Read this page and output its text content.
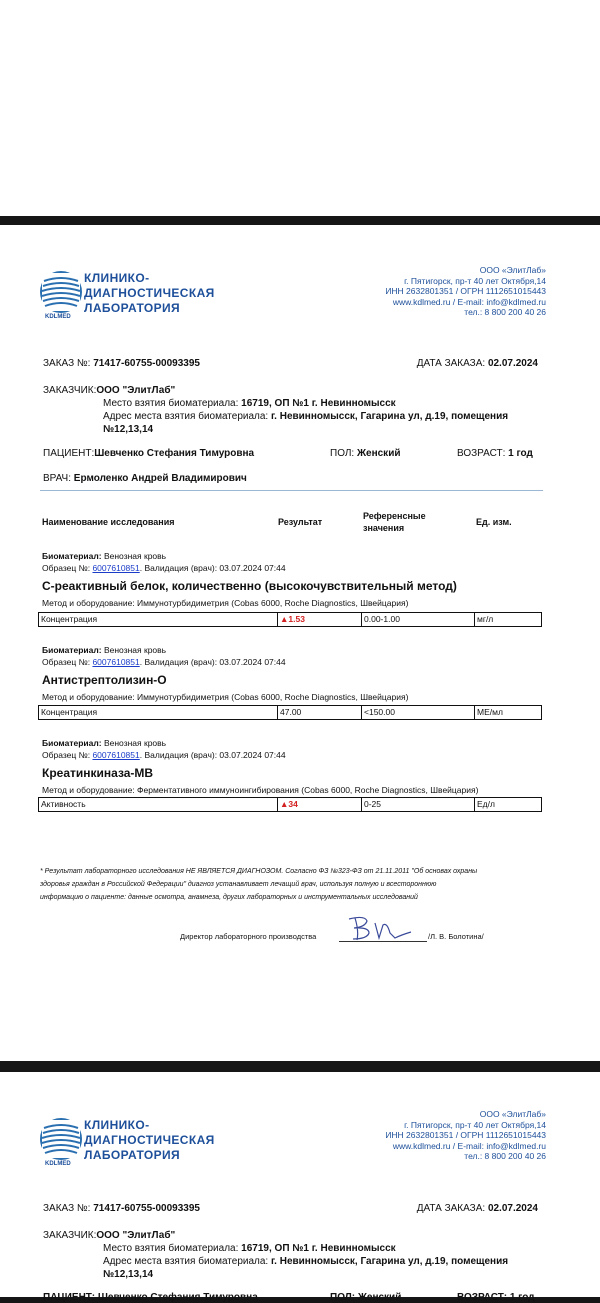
КЛИНИКО-
ДИАГНОСТИЧЕСКАЯ
ЛАБОРАТОРИЯ
KDLMED
ООО «ЭлитЛаб»
г. Пятигорск, пр-т 40 лет Октября,14
ИНН 2632801351 / ОГРН 1112651015443
www.kdlmed.ru / E-mail: info@kdlmed.ru
тел.: 8 800 200 40 26
ЗАКАЗ №: 71417-60755-00093395	ДАТА ЗАКАЗА: 02.07.2024
ЗАКАЗЧИК:ООО "ЭлитЛаб"
Место взятия биоматериала: 16719, ОП №1 г. Невинномысск
Адрес места взятия биоматериала: г. Невинномысск, Гагарина ул, д.19, помещения
№12,13,14
ПАЦИЕНТ:Шевченко Стефания Тимуровна	ПОЛ: Женский	ВОЗРАСТ: 1 год
ВРАЧ: Ермоленко Андрей Владимирович
Наименование исследования	Результат
Референсные
значения
Ед. изм.
Биоматериал: Венозная кровь
Образец №: 6007610851. Валидация (врач): 03.07.2024 07:44
С-реактивный белок, количественно (высокочувствительный метод)
Метод и оборудование: Иммунотурбидиметрия (Cobas 6000, Roche Diagnostics, Швейцария)
Концентрация	▲1.53	0.00-1.00	мг/л
Биоматериал: Венозная кровь
Образец №: 6007610851. Валидация (врач): 03.07.2024 07:44
Антистрептолизин-О
Метод и оборудование: Иммунотурбидиметрия (Cobas 6000, Roche Diagnostics, Швейцария)
Концентрация	47.00	<150.00	МЕ/мл
Биоматериал: Венозная кровь
Образец №: 6007610851. Валидация (врач): 03.07.2024 07:44
Креатинкиназа-МВ
Метод и оборудование: Ферментативного иммуноингибирования (Cobas 6000, Roche Diagnostics, Швейцария)
Активность	▲34	0-25	Ед/л
* Результат лабораторного исследования НЕ ЯВЛЯЕТСЯ ДИАГНОЗОМ. Согласно ФЗ №323-ФЗ от 21.11.2011 "Об основах охраны
здоровья граждан в Российской Федерации" диагноз устанавливает лечащий врач, используя полную и всестороннюю
информацию о пациенте: данные осмотра, анамнеза, других лабораторных и инструментальных исследований
Директор лабораторного производства	/Л. В. Болотина/
КЛИНИКО-
ДИАГНОСТИЧЕСКАЯ
ЛАБОРАТОРИЯ
KDLMED
ООО «ЭлитЛаб»
г. Пятигорск, пр-т 40 лет Октября,14
ИНН 2632801351 / ОГРН 1112651015443
www.kdlmed.ru / E-mail: info@kdlmed.ru
тел.: 8 800 200 40 26
ЗАКАЗ №: 71417-60755-00093395	ДАТА ЗАКАЗА: 02.07.2024
ЗАКАЗЧИК:ООО "ЭлитЛаб"
Место взятия биоматериала: 16719, ОП №1 г. Невинномысск
Адрес места взятия биоматериала: г. Невинномысск, Гагарина ул, д.19, помещения
№12,13,14
ПАЦИЕНТ: Шевченко Стефания Тимуровна	ПОЛ: Женский	ВОЗРАСТ: 1 год
